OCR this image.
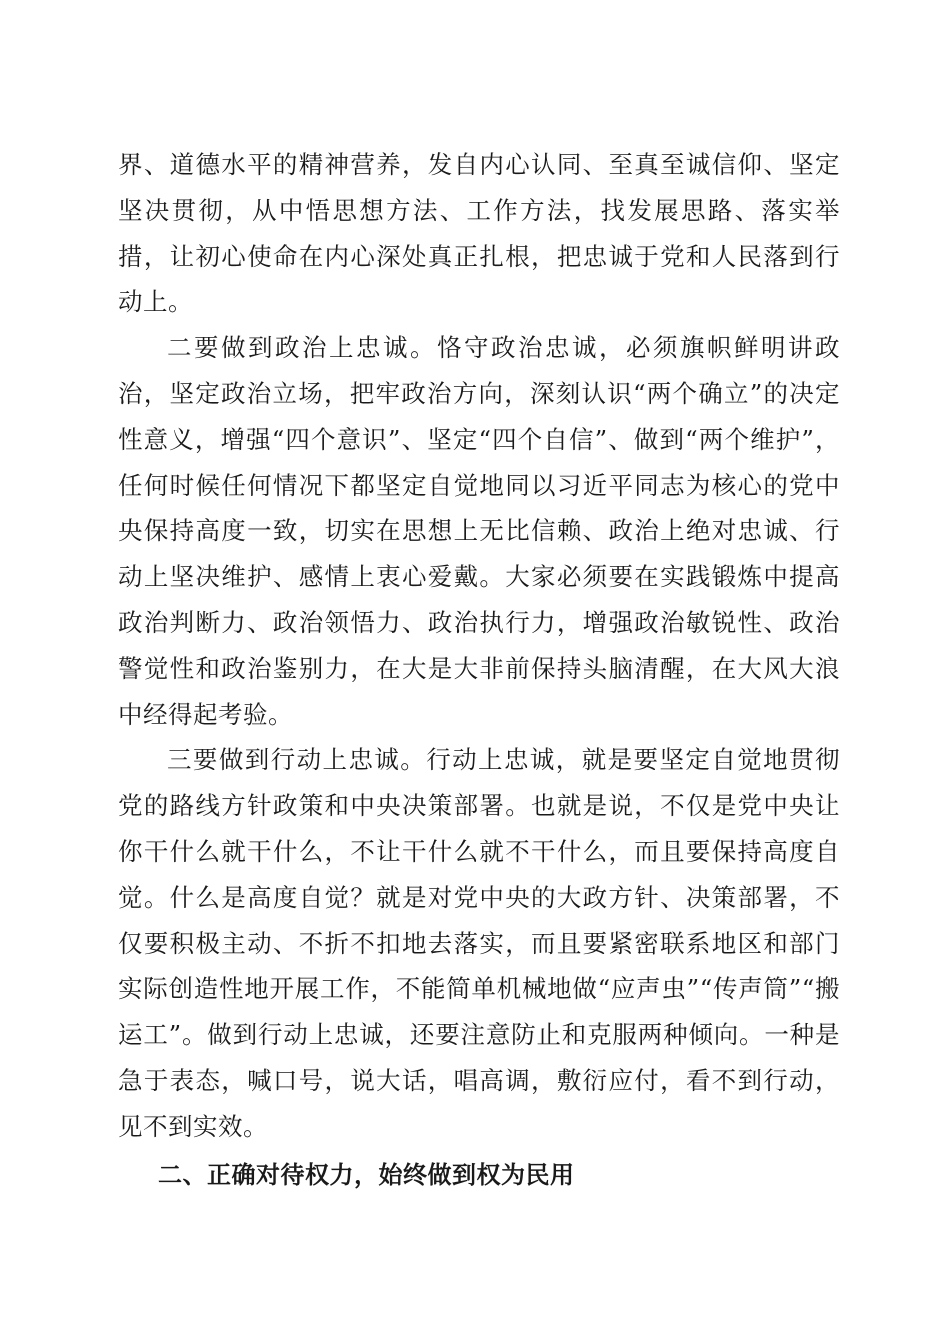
界、道德水平的精神营养，发自内心认同、至真至诚信仰、坚定坚决贯彻，从中悟思想方法、工作方法，找发展思路、落实举措，让初心使命在内心深处真正扎根，把忠诚于党和人民落到行动上。

二要做到政治上忠诚。恪守政治忠诚，必须旗帜鲜明讲政治，坚定政治立场，把牢政治方向，深刻认识“两个确立”的决定性意义，增强“四个意识”、坚定“四个自信”、做到“两个维护”，任何时候任何情况下都坚定自觉地同以习近平同志为核心的党中央保持高度一致，切实在思想上无比信赖、政治上绝对忠诚、行动上坚决维护、感情上衷心爱戴。大家必须要在实践锻炼中提高政治判断力、政治领悟力、政治执行力，增强政治敏锐性、政治警觉性和政治鉴别力，在大是大非前保持头脑清醒，在大风大浪中经得起考验。

三要做到行动上忠诚。行动上忠诚，就是要坚定自觉地贯彻党的路线方针政策和中央决策部署。也就是说，不仅是党中央让你干什么就干什么，不让干什么就不干什么，而且要保持高度自觉。什么是高度自觉？就是对党中央的大政方针、决策部署，不仅要积极主动、不折不扣地去落实，而且要紧密联系地区和部门实际创造性地开展工作，不能简单机械地做“应声虫”“传声筒”“搬运工”。做到行动上忠诚，还要注意防止和克服两种倾向。一种是急于表态，喊口号，说大话，唱高调，敷衍应付，看不到行动，见不到实效。

二、正确对待权力，始终做到权为民用
